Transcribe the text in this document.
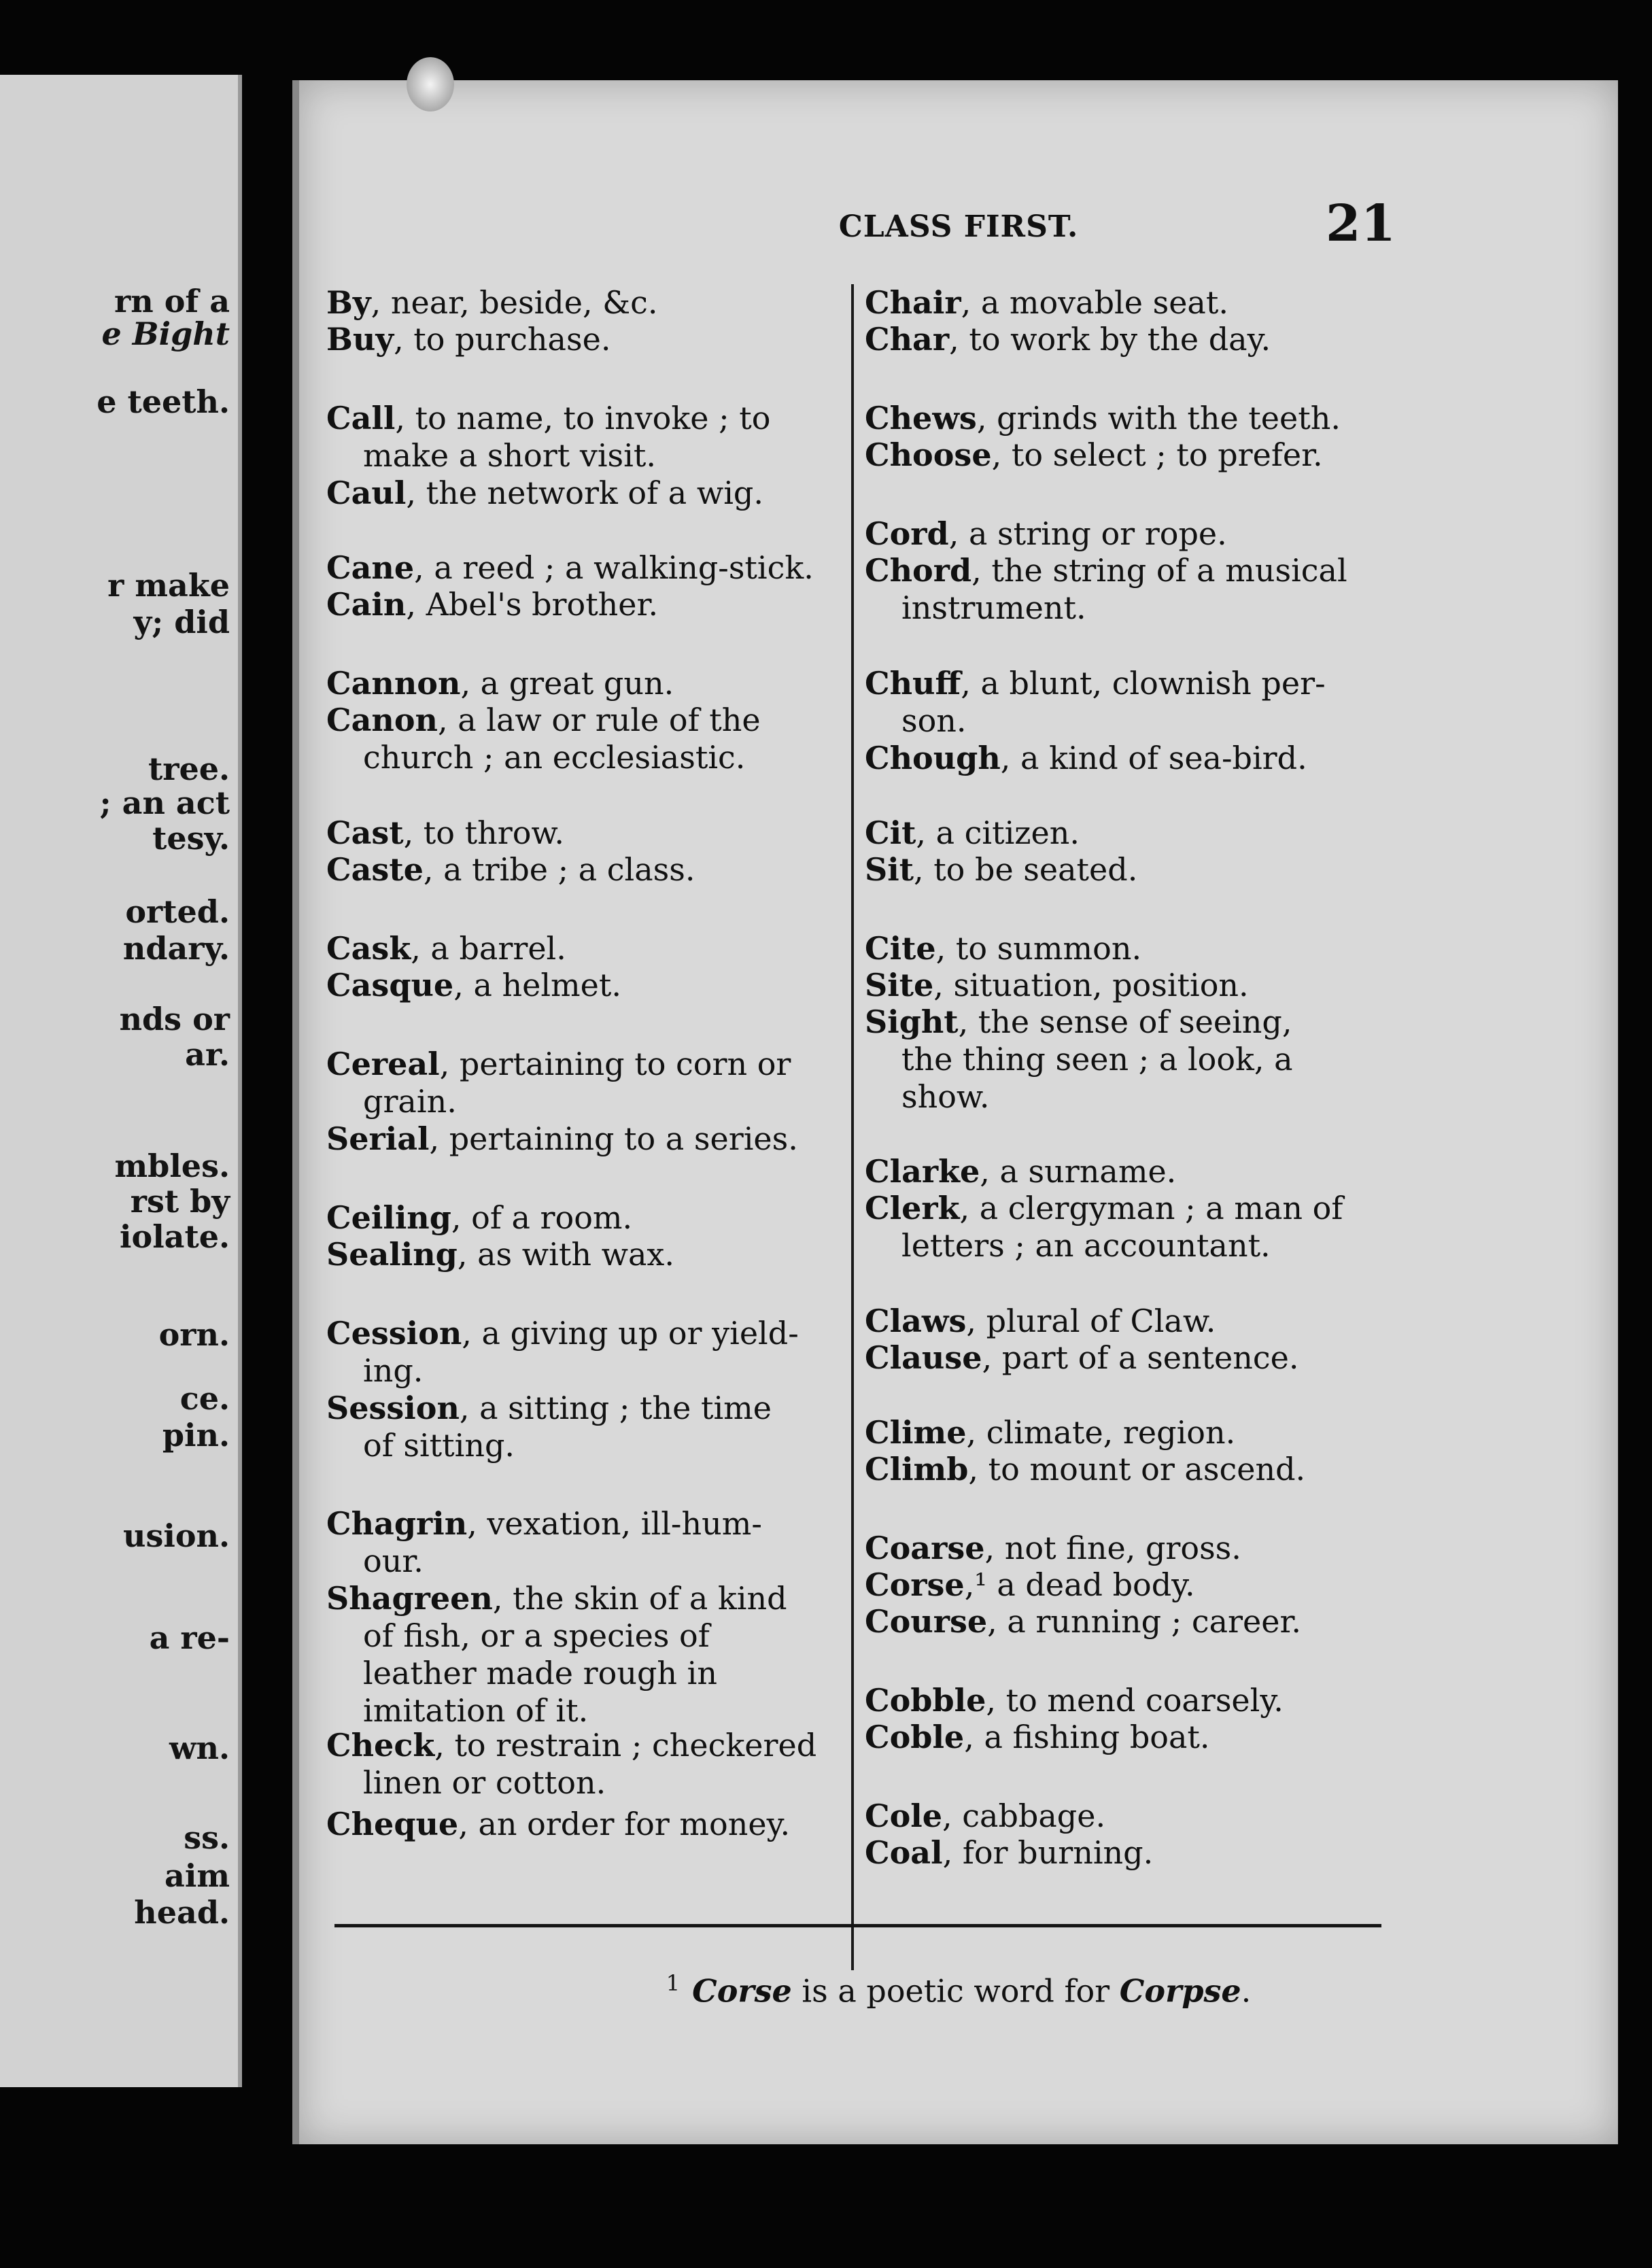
rn of a
e Bight
e teeth.
r make
y; did
tree.
; an act
tesy.
orted.
ndary.
nds or
ar.
mbles.
rst by
iolate.
orn.
ce.
pin.
usion.
a re-
wn.
ss.
aim
head.
CLASS FIRST.	21
By, near, beside, &c.
Buy, to purchase.
Call, to name, to invoke ; to
make a short visit.
Caul, the network of a wig.
Cane, a reed ; a walking-stick.
Cain, Abel's brother.
Cannon, a great gun.
Canon, a law or rule of the
church ; an ecclesiastic.
Cast, to throw.
Caste, a tribe ; a class.
Cask, a barrel.
Casque, a helmet.
Cereal, pertaining to corn or
grain.
Serial, pertaining to a series.
Ceiling, of a room.
Sealing, as with wax.
Cession, a giving up or yield-
ing.
Session, a sitting ; the time
of sitting.
Chagrin, vexation, ill-hum-
our.
Shagreen, the skin of a kind
of fish, or a species of
leather made rough in
imitation of it.
Check, to restrain ; checkered
linen or cotton.
Cheque, an order for money.
Chair, a movable seat.
Char, to work by the day.
Chews, grinds with the teeth.
Choose, to select ; to prefer.
Cord, a string or rope.
Chord, the string of a musical
instrument.
Chuff, a blunt, clownish per-
son.
Chough, a kind of sea-bird.
Cit, a citizen.
Sit, to be seated.
Cite, to summon.
Site, situation, position.
Sight, the sense of seeing,
the thing seen ; a look, a
show.
Clarke, a surname.
Clerk, a clergyman ; a man of
letters ; an accountant.
Claws, plural of Claw.
Clause, part of a sentence.
Clime, climate, region.
Climb, to mount or ascend.
Coarse, not fine, gross.
Corse,¹ a dead body.
Course, a running ; career.
Cobble, to mend coarsely.
Coble, a fishing boat.
Cole, cabbage.
Coal, for burning.
$^1$ Corse is a poetic word for Corpse.
